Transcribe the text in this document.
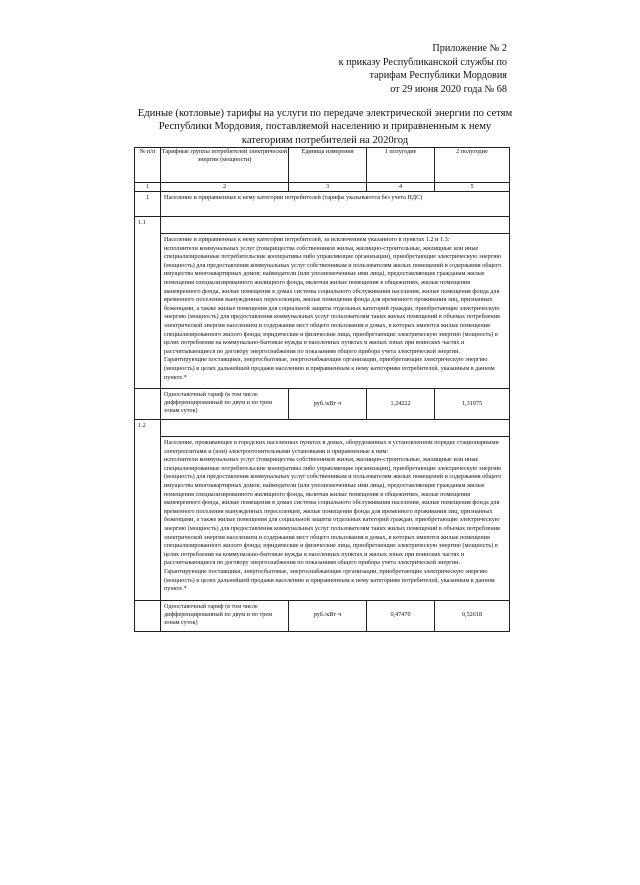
Приложение № 2
к приказу Республиканской службы по
тарифам Республики Мордовия
от 29 июня 2020 года № 68
Единые (котловые) тарифы на услуги по передаче электрической энергии по сетям
Республики Мордовия, поставляемой населению и приравненным к нему
категориям потребителей на 2020год
№ п/п	Тарифные группы потребителей электрической энергии (мощности)	Единица измерения	1 полугодие	2 полугодие
1	2	3	4	5
1	Население и приравненные к нему категории потребителей (тарифы указываются без учета НДС)			
1.1				

	Население и приравненные к нему категории потребителей, за исключением указанного в пунктах 1.2 и 1.3:

исполнители коммунальных услуг (товарищества собственников жилья, жилищно-строительные, жилищные или иные специализированные потребительские кооперативы либо управляющие организации), приобретающие электрическую энергию (мощность) для предоставления коммунальных услуг собственникам и пользователям жилых помещений и содержания общего имущества многоквартирных домов; наймодатели (или уполномоченные ими лица), предоставляющие гражданам жилые помещения специализированного жилищного фонда, включая жилые помещения в общежитиях, жилые помещения маневренного фонда, жилые помещения в домах системы социального обслуживания населения, жилые помещения фонда для временного поселения вынужденных переселенцев, жилые помещения фонда для временного проживания лиц, признанных беженцами, а также жилые помещения для социальной защиты отдельных категорий граждан, приобретающие электрическую энергию (мощность) для предоставления коммунальных услуг пользователям таких жилых помещений в объемах потребления электрической энергии населением и содержания мест общего пользования в домах, в которых имеются жилые помещения специализированного жилого фонда; юридические и физические лица, приобретающие электрическую энергию (мощность) в целях потребления на коммунально-бытовые нужды в населенных пунктах и жилых зонах при воинских частях и рассчитывающиеся по договору энергоснабжения по показаниям общего прибора учета электрической энергии.

Гарантирующие поставщики, энергосбытовые, энергоснабжающие организации, приобретающие электрическую энергию (мощность) в целях дальнейшей продажи населению и приравненным к нему категориям потребителей, указанным в данном пункте.*			

	Одноставочный тариф (в том числе дифференцированный по двум и по трем зонам суток)	руб./кВт·ч	1,24222	1,31975
1.2				

	Население, проживающее в городских населенных пунктах в домах, оборудованных в установленном порядке стационарными электроплитами и (или) электроотопительными установками и приравненные к ним:

исполнители коммунальных услуг (товарищества собственников жилья, жилищно-строительные, жилищные или иные специализированные потребительские кооперативы либо управляющие организации), приобретающие электрическую энергию (мощность) для предоставления коммунальных услуг собственникам и пользователям жилых помещений и содержания общего имущества многоквартирных домов; наймодатели (или уполномоченные ими лица), предоставляющие гражданам жилые помещения специализированного жилищного фонда, включая жилые помещения в общежитиях, жилые помещения маневренного фонда, жилые помещения в домах системы социального обслуживания населения, жилые помещения фонда для временного поселения вынужденных переселенцев, жилые помещения фонда для временного проживания лиц, признанных беженцами, а также жилые помещения для социальной защиты отдельных категорий граждан, приобретающие электрическую энергию (мощность) для предоставления коммунальных услуг пользователям таких жилых помещений в объемах потребления электрической энергии населением и содержания мест общего пользования в домах, в которых имеются жилые помещения специализированного жилого фонда; юридические и физические лица, приобретающие электрическую энергию (мощность) в целях потребления на коммунально-бытовые нужды в населенных пунктах и жилых зонах при воинских частях и рассчитывающиеся по договору энергоснабжения по показаниям общего прибора учета электрической энергии.

Гарантирующие поставщики, энергосбытовые, энергоснабжающие организации, приобретающие электрическую энергию (мощность) в целях дальнейшей продажи населению и приравненным к нему категориям потребителей, указанным в данном пункте.*			

	Одноставочный тариф (в том числе дифференцированный по двум и по трем зонам суток)	руб./кВт·ч	0,47470	0,52618
